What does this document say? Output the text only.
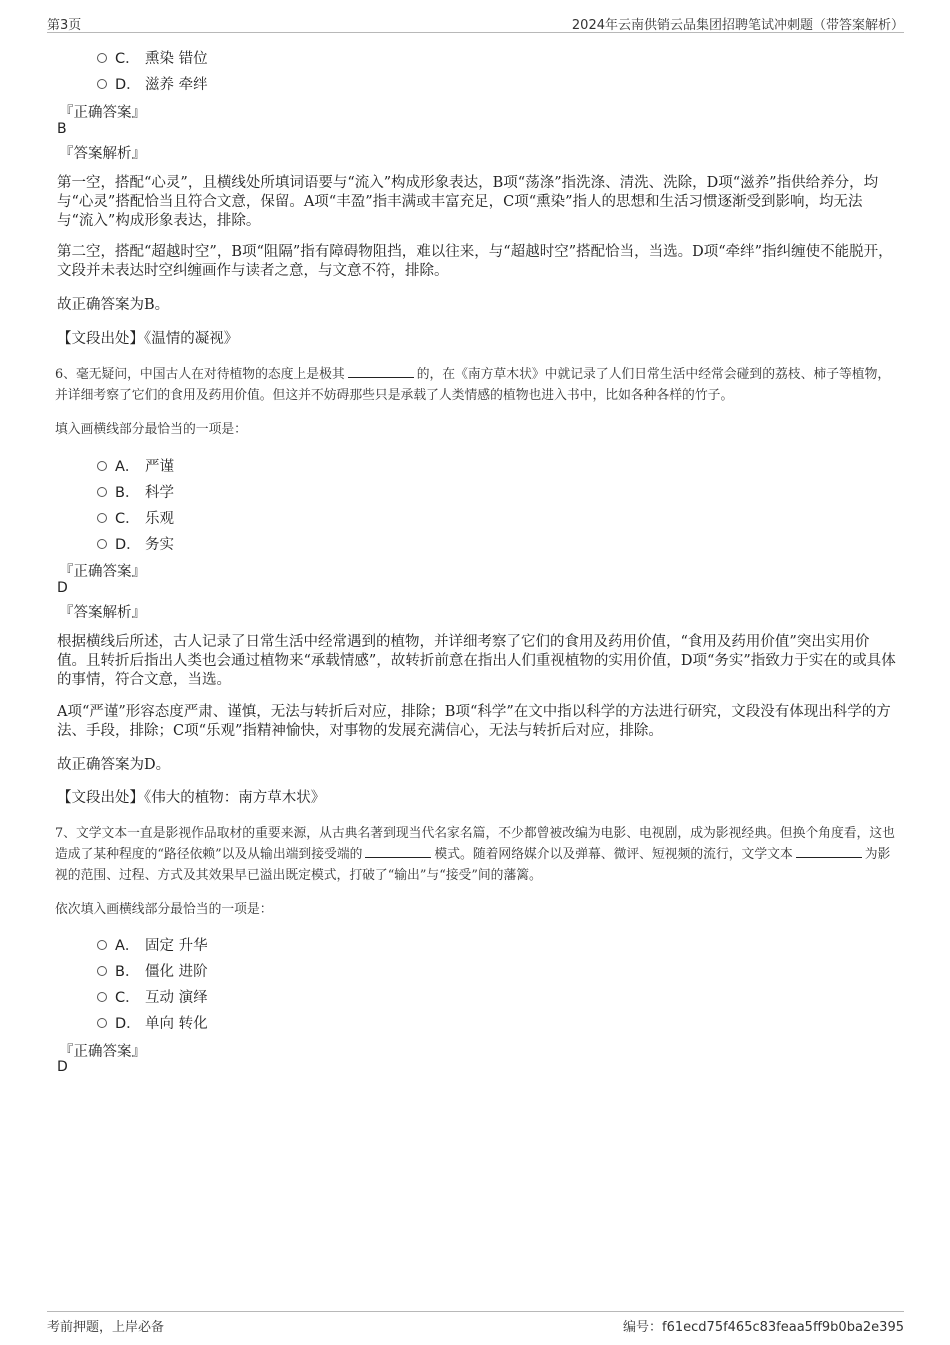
第3页	2024年云南供销云品集团招聘笔试冲刺题（带答案解析）
C． 熏染 错位
D． 滋养 牵绊
『正确答案』
B
『答案解析』
第一空，搭配“心灵”，且横线处所填词语要与“流入”构成形象表达，B项“荡涤”指洗涤、清洗、洗除，D项“滋养”指供给养分，均与“心灵”搭配恰当且符合文意，保留。A项“丰盈”指丰满或丰富充足，C项“熏染”指人的思想和生活习惯逐渐受到影响，均无法与“流入”构成形象表达，排除。
第二空，搭配“超越时空”，B项“阻隔”指有障碍物阻挡，难以往来，与“超越时空”搭配恰当，当选。D项“牵绊”指纠缠使不能脱开，文段并未表达时空纠缠画作与读者之意，与文意不符，排除。
故正确答案为B。
【文段出处】《温情的凝视》
6、毫无疑问，中国古人在对待植物的态度上是极其	的，在《南方草木状》中就记录了人们日常生活中经常会碰到的荔枝、柿子等植物，并详细考察了它们的食用及药用价值。但这并不妨碍那些只是承载了人类情感的植物也进入书中，比如各种各样的竹子。
填入画横线部分最恰当的一项是：
A． 严谨
B． 科学
C． 乐观
D． 务实
『正确答案』
D
『答案解析』
根据横线后所述，古人记录了日常生活中经常遇到的植物，并详细考察了它们的食用及药用价值，“食用及药用价值”突出实用价值。且转折后指出人类也会通过植物来“承载情感”，故转折前意在指出人们重视植物的实用价值，D项“务实”指致力于实在的或具体的事情，符合文意，当选。
A项“严谨”形容态度严肃、谨慎，无法与转折后对应，排除；B项“科学”在文中指以科学的方法进行研究，文段没有体现出科学的方法、手段，排除；C项“乐观”指精神愉快，对事物的发展充满信心，无法与转折后对应，排除。
故正确答案为D。
【文段出处】《伟大的植物：南方草木状》
7、文学文本一直是影视作品取材的重要来源，从古典名著到现当代名家名篇，不少都曾被改编为电影、电视剧，成为影视经典。但换个角度看，这也造成了某种程度的“路径依赖”以及从输出端到接受端的	模式。随着网络媒介以及弹幕、微评、短视频的流行，文学文本	为影视的范围、过程、方式及其效果早已溢出既定模式，打破了“输出”与“接受”间的藩篱。
依次填入画横线部分最恰当的一项是：
A． 固定 升华
B． 僵化 进阶
C． 互动 演绎
D． 单向 转化
『正确答案』
D
考前押题，上岸必备	编号：f61ecd75f465c83feaa5ff9b0ba2e395
